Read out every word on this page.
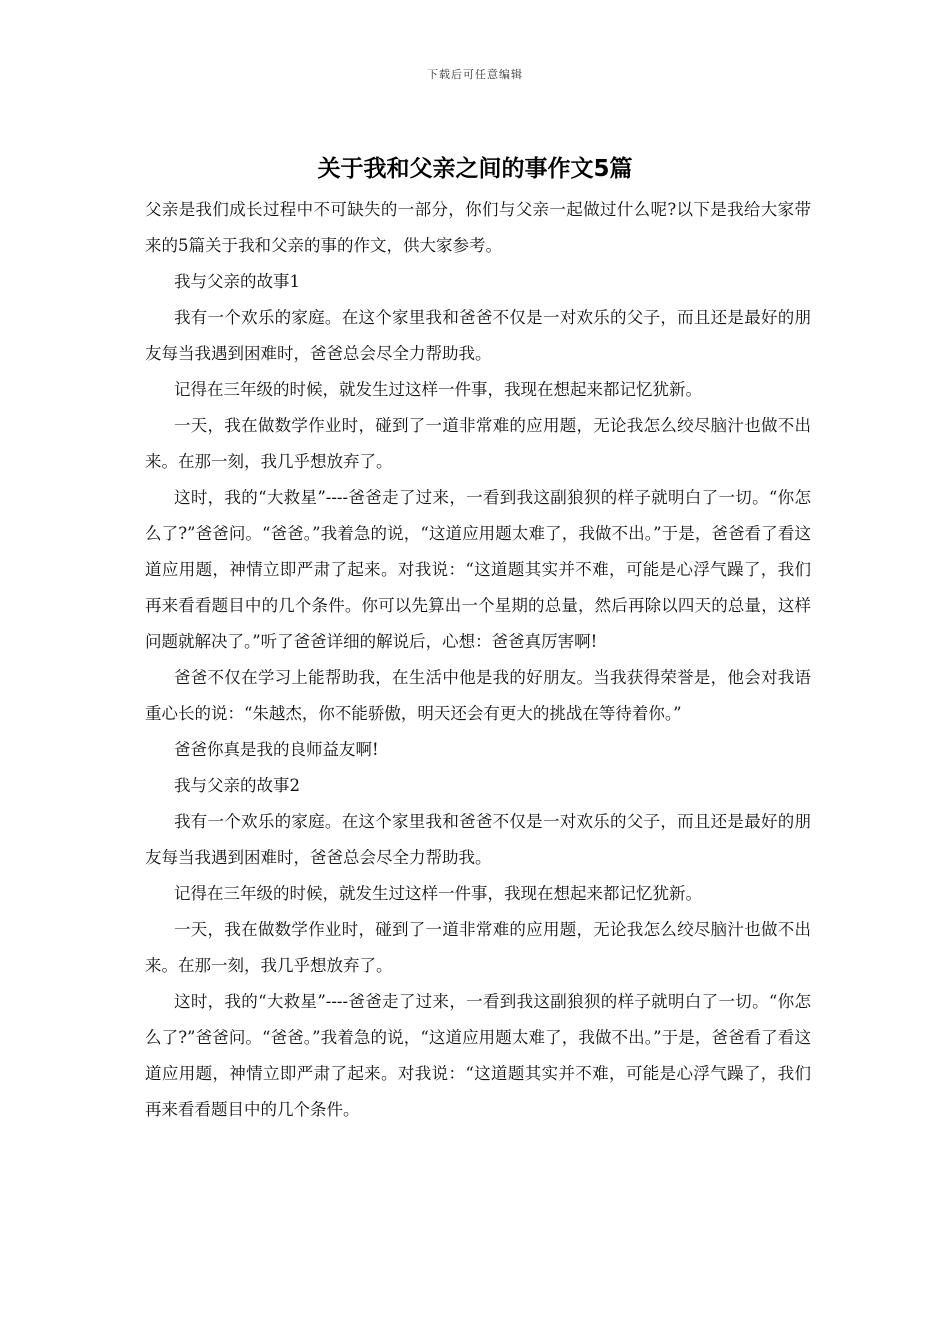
下载后可任意编辑
关于我和父亲之间的事作文5篇

父亲是我们成长过程中不可缺失的一部分，你们与父亲一起做过什么呢?以下是我给大家带来的5篇关于我和父亲的事的作文，供大家参考。

我与父亲的故事1

我有一个欢乐的家庭。在这个家里我和爸爸不仅是一对欢乐的父子，而且还是最好的朋友每当我遇到困难时，爸爸总会尽全力帮助我。

记得在三年级的时候，就发生过这样一件事，我现在想起来都记忆犹新。

一天，我在做数学作业时，碰到了一道非常难的应用题，无论我怎么绞尽脑汁也做不出来。在那一刻，我几乎想放弃了。

这时，我的“大救星”----爸爸走了过来，一看到我这副狼狈的样子就明白了一切。“你怎么了?”爸爸问。“爸爸。”我着急的说，“这道应用题太难了，我做不出。”于是，爸爸看了看这道应用题，神情立即严肃了起来。对我说：“这道题其实并不难，可能是心浮气躁了，我们再来看看题目中的几个条件。你可以先算出一个星期的总量，然后再除以四天的总量，这样问题就解决了。”听了爸爸详细的解说后，心想：爸爸真厉害啊!

爸爸不仅在学习上能帮助我，在生活中他是我的好朋友。当我获得荣誉是，他会对我语重心长的说：“朱越杰，你不能骄傲，明天还会有更大的挑战在等待着你。”

爸爸你真是我的良师益友啊!

我与父亲的故事2

我有一个欢乐的家庭。在这个家里我和爸爸不仅是一对欢乐的父子，而且还是最好的朋友每当我遇到困难时，爸爸总会尽全力帮助我。

记得在三年级的时候，就发生过这样一件事，我现在想起来都记忆犹新。

一天，我在做数学作业时，碰到了一道非常难的应用题，无论我怎么绞尽脑汁也做不出来。在那一刻，我几乎想放弃了。

这时，我的“大救星”----爸爸走了过来，一看到我这副狼狈的样子就明白了一切。“你怎么了?”爸爸问。“爸爸。”我着急的说，“这道应用题太难了，我做不出。”于是，爸爸看了看这道应用题，神情立即严肃了起来。对我说：“这道题其实并不难，可能是心浮气躁了，我们再来看看题目中的几个条件。
